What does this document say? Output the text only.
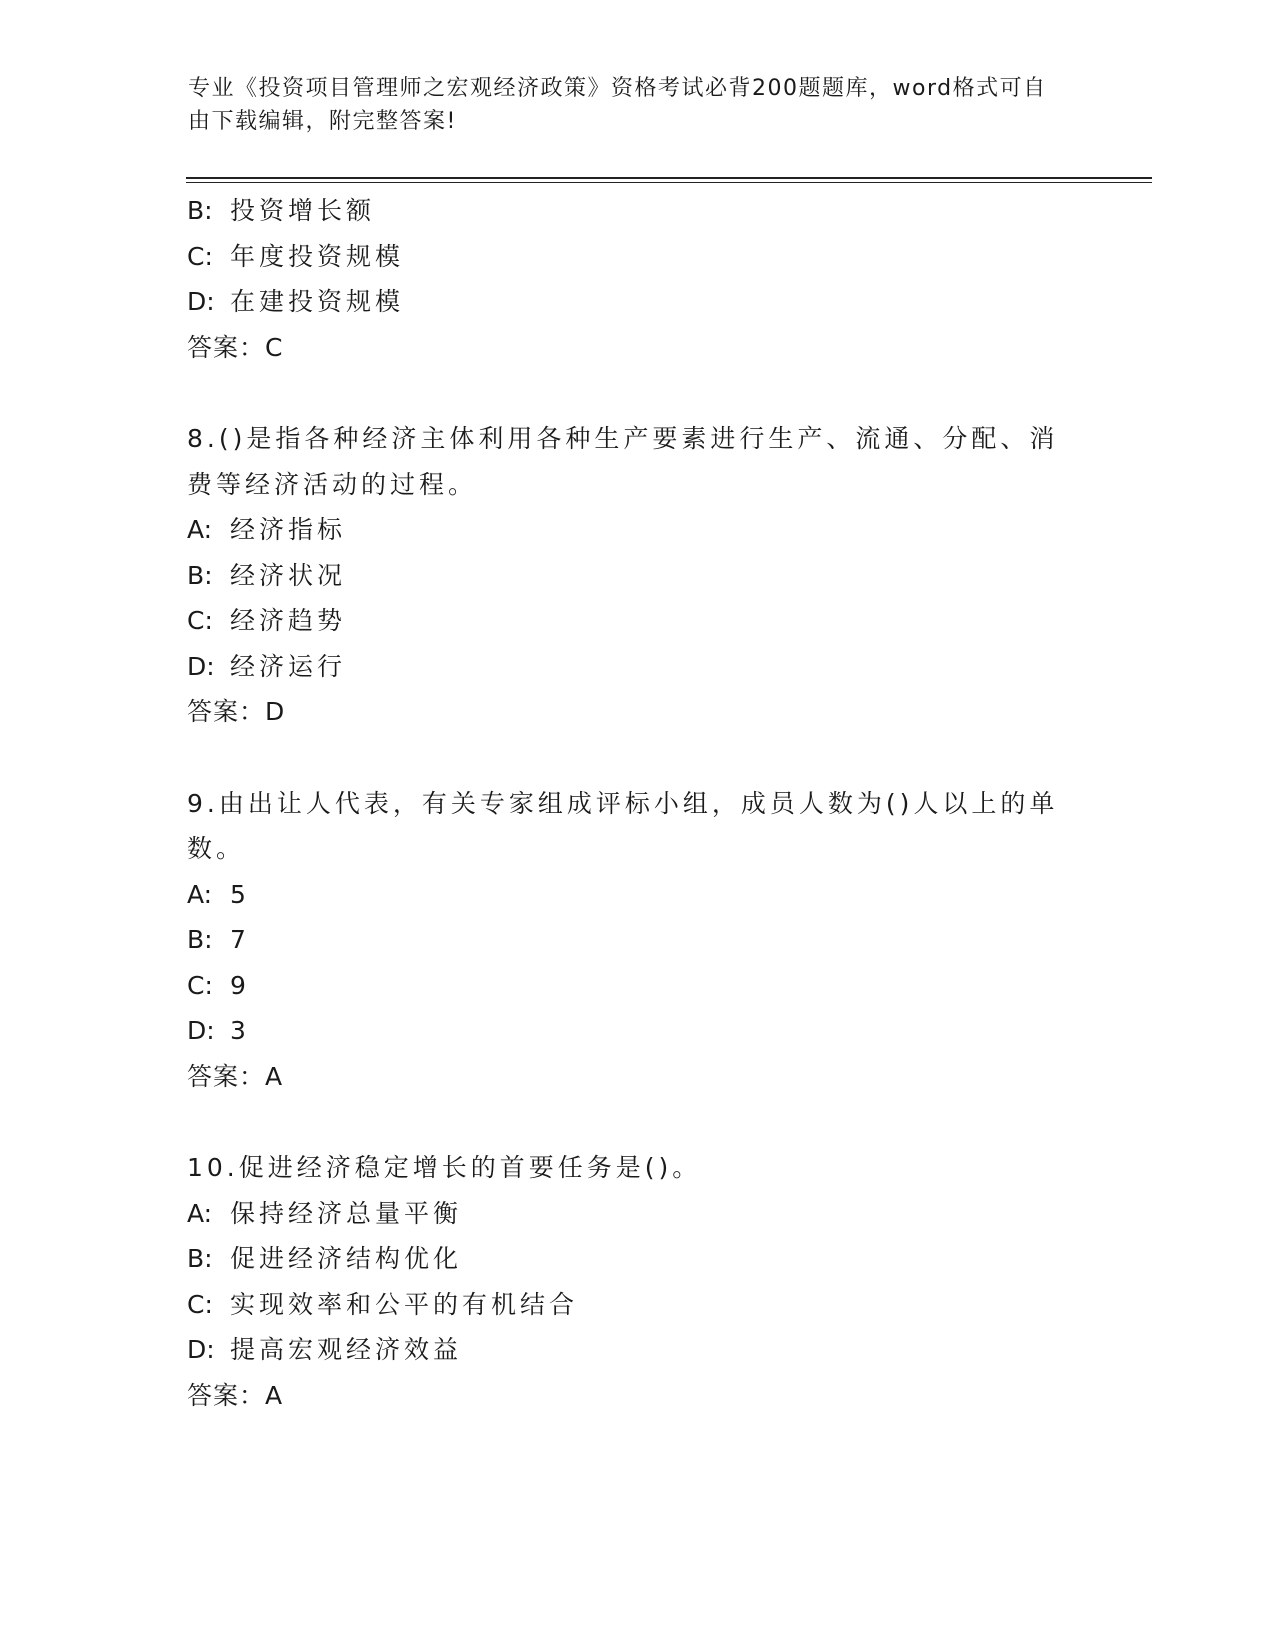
专业《投资项目管理师之宏观经济政策》资格考试必背200题题库，word格式可自由下载编辑，附完整答案!
B: 投资增长额
C: 年度投资规模
D: 在建投资规模
答案：C
8.()是指各种经济主体利用各种生产要素进行生产、流通、分配、消费等经济活动的过程。
A: 经济指标
B: 经济状况
C: 经济趋势
D: 经济运行
答案：D
9.由出让人代表，有关专家组成评标小组，成员人数为()人以上的单数。
A: 5
B: 7
C: 9
D: 3
答案：A
10.促进经济稳定增长的首要任务是()。
A: 保持经济总量平衡
B: 促进经济结构优化
C: 实现效率和公平的有机结合
D: 提高宏观经济效益
答案：A
